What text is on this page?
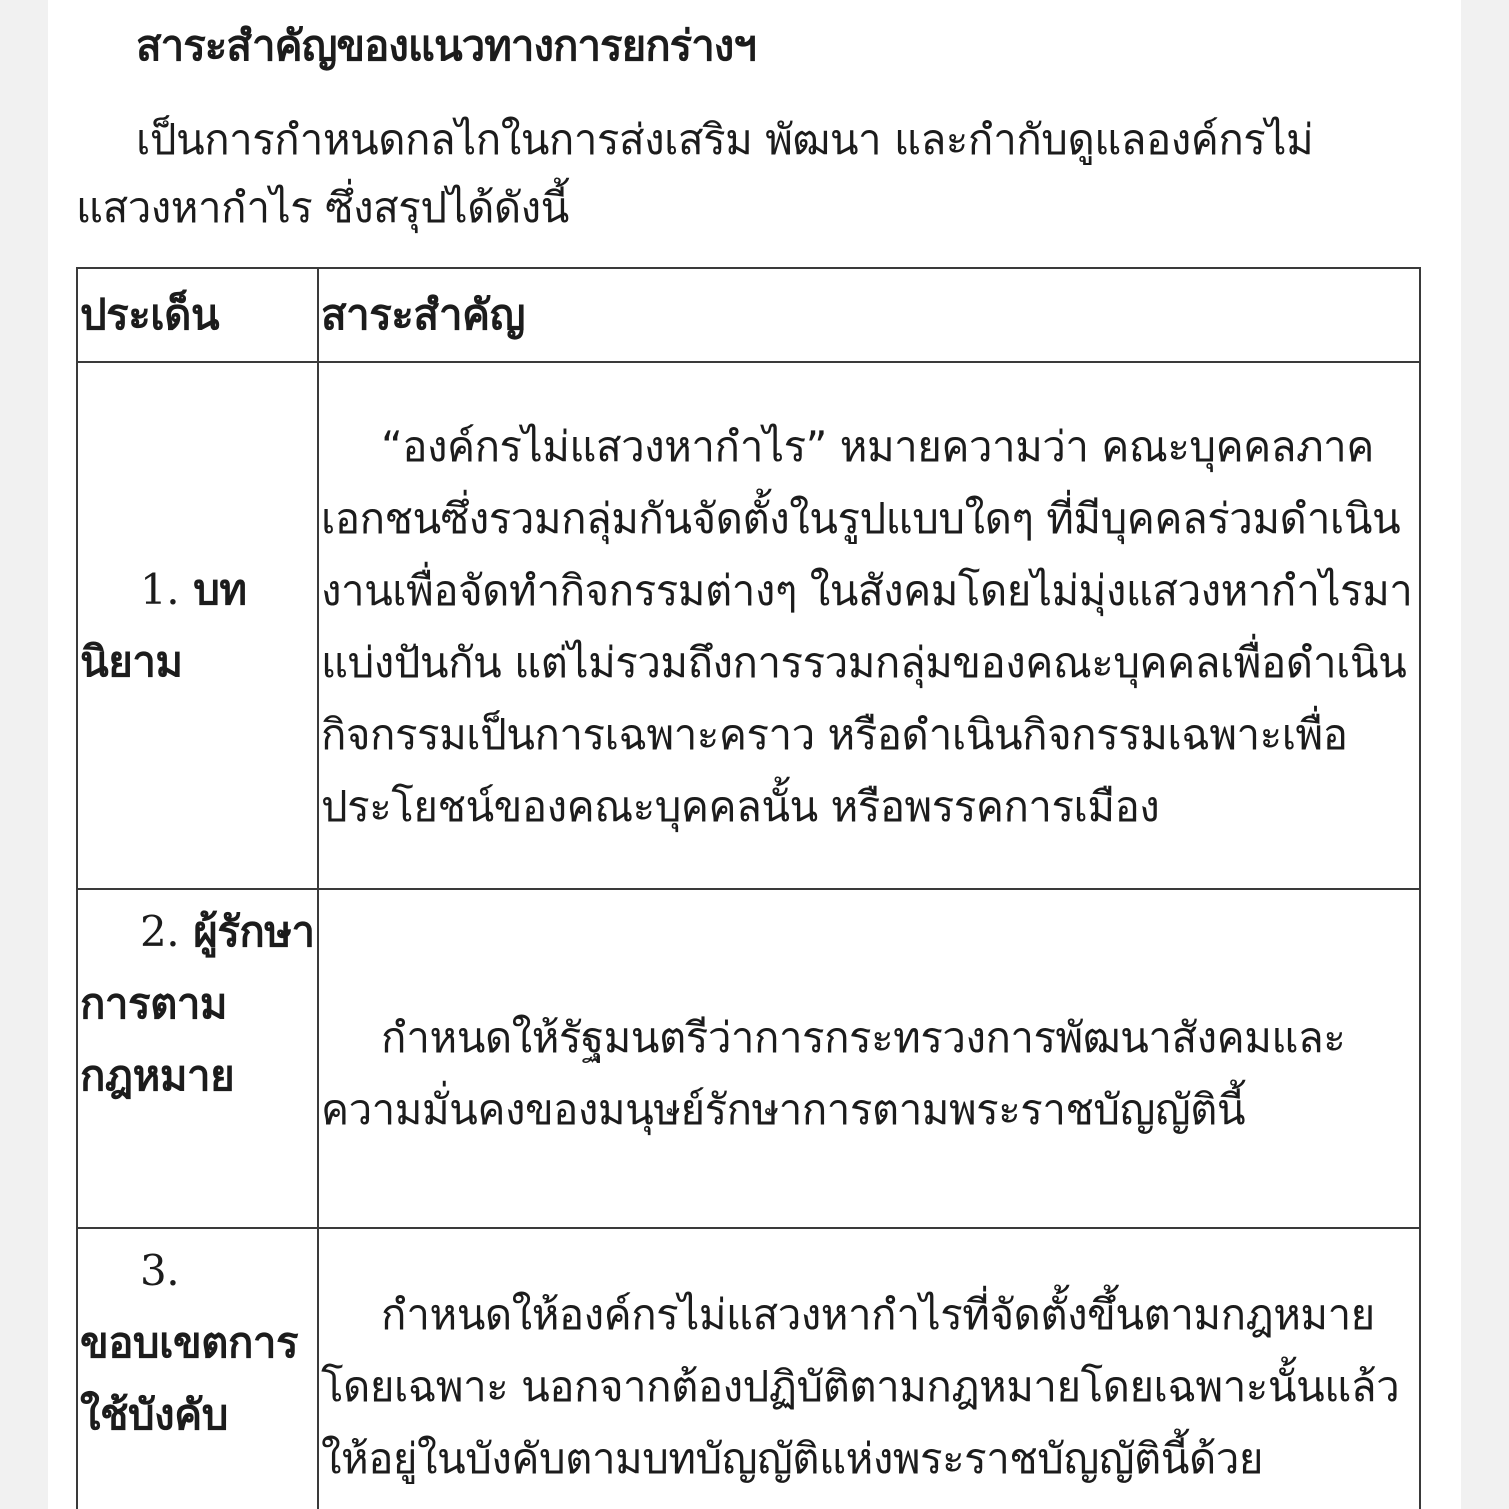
สาระสำคัญของแนวทางการยกร่างฯ

เป็นการกำหนดกลไกในการส่งเสริม พัฒนา และกำกับดูแลองค์กรไม่แสวงหากำไร ซึ่งสรุปได้ดังนี้

ประเด็น	สาระสำคัญ
1. บทนิยาม	“องค์กรไม่แสวงหากำไร” หมายความว่า คณะบุคคลภาคเอกชนซึ่งรวมกลุ่มกันจัดตั้งในรูปแบบใดๆ ที่มีบุคคลร่วมดำเนินงานเพื่อจัดทำกิจกรรมต่างๆ ในสังคมโดยไม่มุ่งแสวงหากำไรมาแบ่งปันกัน แต่ไม่รวมถึงการรวมกลุ่มของคณะบุคคลเพื่อดำเนินกิจกรรมเป็นการเฉพาะคราว หรือดำเนินกิจกรรมเฉพาะเพื่อประโยชน์ของคณะบุคคลนั้น หรือพรรคการเมือง
2. ผู้รักษาการตามกฎหมาย	กำหนดให้รัฐมนตรีว่าการกระทรวงการพัฒนาสังคมและความมั่นคงของมนุษย์รักษาการตามพระราชบัญญัตินี้
3. ขอบเขตการใช้บังคับ	กำหนดให้องค์กรไม่แสวงหากำไรที่จัดตั้งขึ้นตามกฎหมายโดยเฉพาะ นอกจากต้องปฏิบัติตามกฎหมายโดยเฉพาะนั้นแล้ว ให้อยู่ในบังคับตามบทบัญญัติแห่งพระราชบัญญัตินี้ด้วย
